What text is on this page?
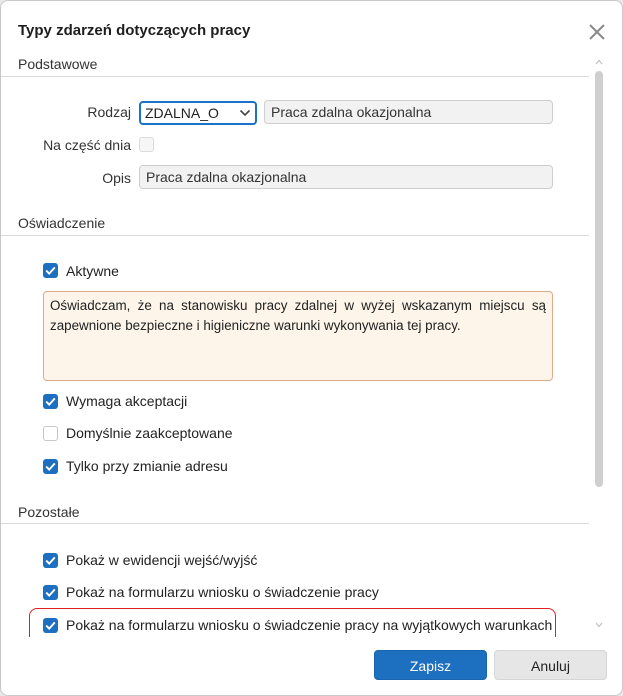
Typy zdarzeń dotyczących pracy
Podstawowe
Rodzaj	ZDALNA_O	Praca zdalna okazjonalna
Na część dnia
Opis	Praca zdalna okazjonalna
Oświadczenie
Aktywne
Oświadczam, że na stanowisku pracy zdalnej w wyżej wskazanym miejscu są zapewnione bezpieczne i higieniczne warunki wykonywania tej pracy.
Wymaga akceptacji
Domyślnie zaakceptowane
Tylko przy zmianie adresu
Pozostałe
Pokaż w ewidencji wejść/wyjść
Pokaż na formularzu wniosku o świadczenie pracy
Pokaż na formularzu wniosku o świadczenie pracy na wyjątkowych warunkach
Zapisz	Anuluj
